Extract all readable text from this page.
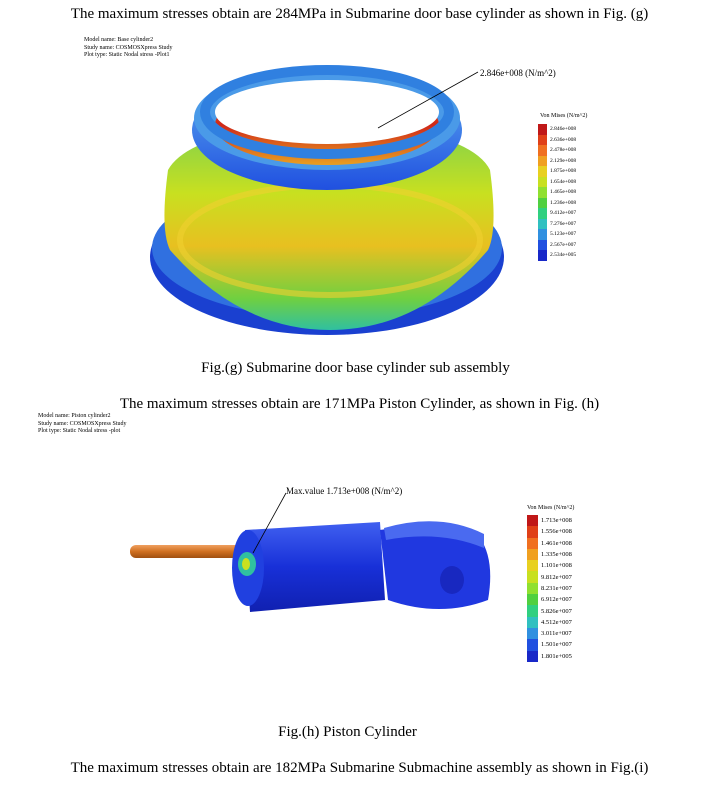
The maximum stresses obtain are 284MPa in Submarine door base cylinder as shown in Fig. (g)
Model name: Base cylinder2
Study name: COSMOSXpress Study
Plot type: Static Nodal stress -Plot1
2.846e+008 (N/m^2)
Max.value 1.713e+008 (N/m^2)
Von Mises (N/m^2)
2.846e+008
2.636e+008
2.478e+008
2.129e+008
1.875e+008
1.654e+008
1.465e+008
1.236e+008
9.412e+007
7.276e+007
5.123e+007
2.567e+007
2.534e+005
Fig.(g) Submarine door base cylinder sub assembly
The maximum stresses obtain are 171MPa Piston Cylinder, as shown in Fig. (h)
Model name: Piston cylinder2
Study name: COSMOSXpress Study
Plot type: Static Nodal stress -plot
Von Mises (N/m^2)
1.713e+008
1.556e+008
1.461e+008
1.335e+008
1.101e+008
9.812e+007
8.231e+007
6.912e+007
5.826e+007
4.512e+007
3.011e+007
1.501e+007
1.801e+005
Fig.(h) Piston Cylinder
The maximum stresses obtain are 182MPa Submarine Submachine assembly as shown in Fig.(i)
